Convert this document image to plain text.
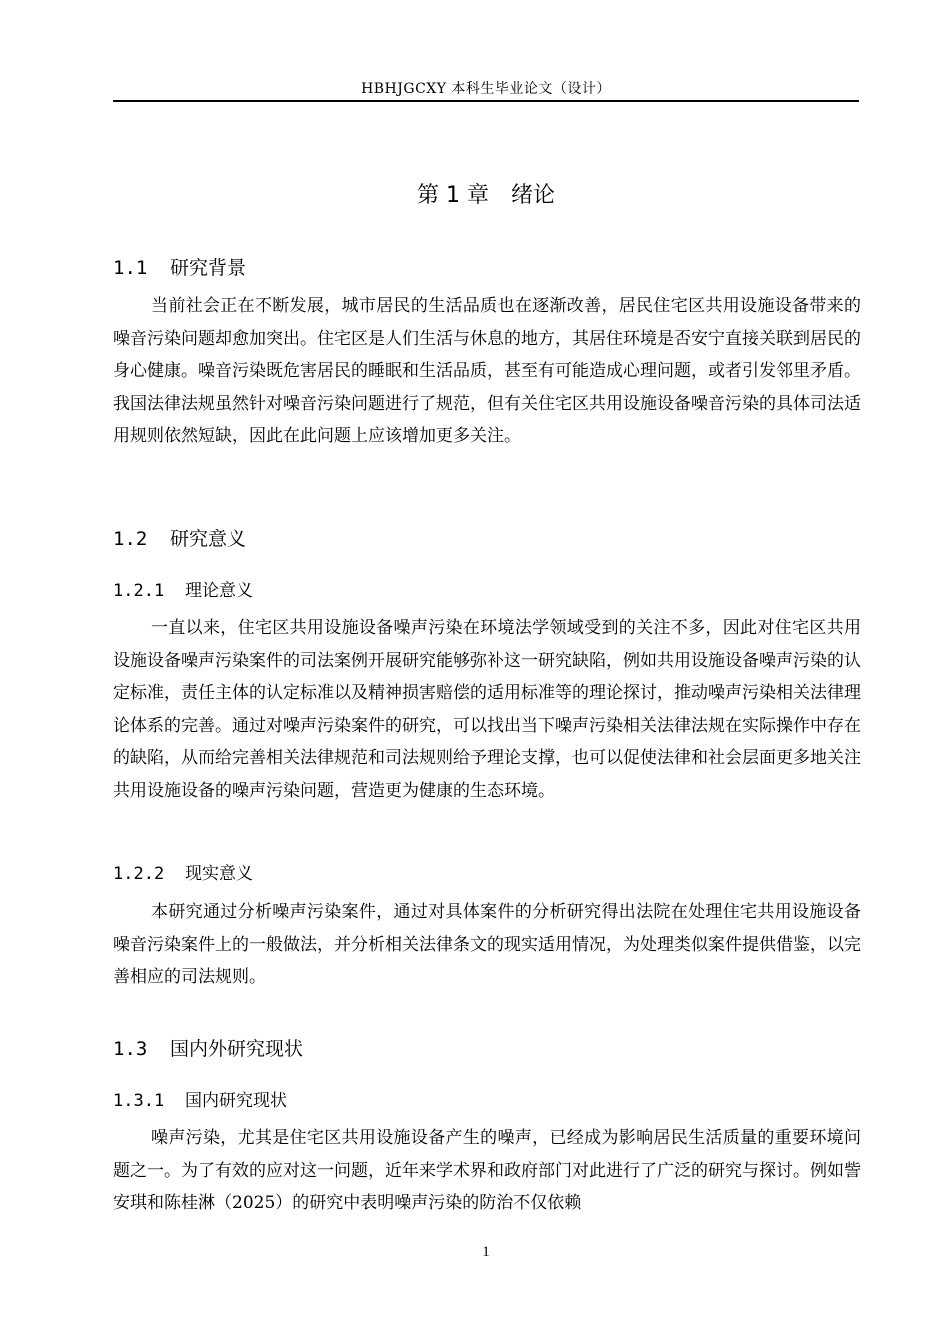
HBHJGCXY 本科生毕业论文（设计）
第 1 章 绪论
1.1 研究背景

当前社会正在不断发展，城市居民的生活品质也在逐渐改善，居民住宅区共用设施设备带来的噪音污染问题却愈加突出。住宅区是人们生活与休息的地方，其居住环境是否安宁直接关联到居民的身心健康。噪音污染既危害居民的睡眠和生活品质，甚至有可能造成心理问题，或者引发邻里矛盾。我国法律法规虽然针对噪音污染问题进行了规范，但有关住宅区共用设施设备噪音污染的具体司法适用规则依然短缺，因此在此问题上应该增加更多关注。

1.2 研究意义
1.2.1 理论意义

一直以来，住宅区共用设施设备噪声污染在环境法学领域受到的关注不多，因此对住宅区共用设施设备噪声污染案件的司法案例开展研究能够弥补这一研究缺陷，例如共用设施设备噪声污染的认定标准，责任主体的认定标准以及精神损害赔偿的适用标准等的理论探讨，推动噪声污染相关法律理论体系的完善。通过对噪声污染案件的研究，可以找出当下噪声污染相关法律法规在实际操作中存在的缺陷，从而给完善相关法律规范和司法规则给予理论支撑，也可以促使法律和社会层面更多地关注共用设施设备的噪声污染问题，营造更为健康的生态环境。

1.2.2 现实意义

本研究通过分析噪声污染案件，通过对具体案件的分析研究得出法院在处理住宅共用设施设备噪音污染案件上的一般做法，并分析相关法律条文的现实适用情况，为处理类似案件提供借鉴，以完善相应的司法规则。

1.3 国内外研究现状
1.3.1 国内研究现状

噪声污染，尤其是住宅区共用设施设备产生的噪声，已经成为影响居民生活质量的重要环境问题之一。为了有效的应对这一问题，近年来学术界和政府部门对此进行了广泛的研究与探讨。例如訾安琪和陈桂淋（2025）的研究中表明噪声污染的防治不仅依赖

1
